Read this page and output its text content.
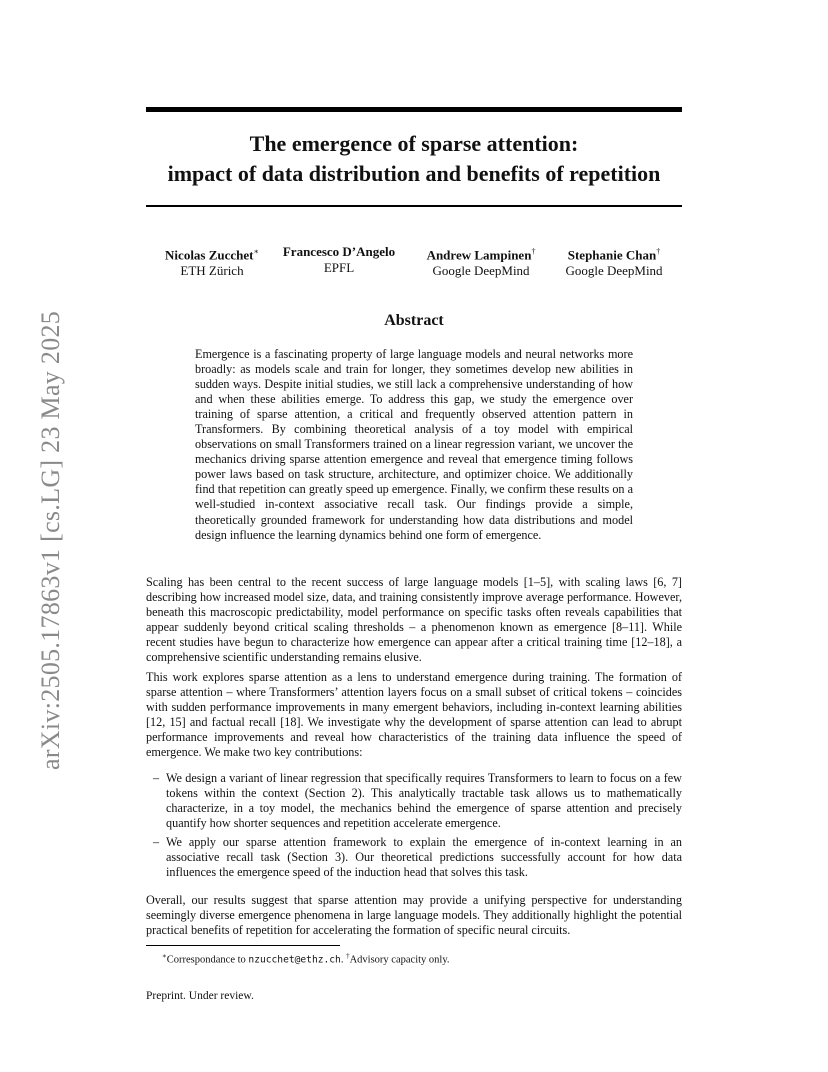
arXiv:2505.17863v1 [cs.LG] 23 May 2025
The emergence of sparse attention:
impact of data distribution and benefits of repetition
Nicolas Zucchet∗
ETH Zürich
Francesco D’Angelo
EPFL
Andrew Lampinen†
Google DeepMind
Stephanie Chan†
Google DeepMind
Abstract

Emergence is a fascinating property of large language models and neural networks more broadly: as models scale and train for longer, they sometimes develop new abilities in sudden ways. Despite initial studies, we still lack a comprehensive understanding of how and when these abilities emerge. To address this gap, we study the emergence over training of sparse attention, a critical and frequently observed attention pattern in Transformers. By combining theoretical analysis of a toy model with empirical observations on small Transformers trained on a linear regression variant, we uncover the mechanics driving sparse attention emergence and reveal that emergence timing follows power laws based on task structure, architecture, and optimizer choice. We additionally find that repetition can greatly speed up emergence. Finally, we confirm these results on a well-studied in-context associative recall task. Our findings provide a simple, theoretically grounded framework for understanding how data distributions and model design influence the learning dynamics behind one form of emergence.

Scaling has been central to the recent success of large language models [1–5], with scaling laws [6, 7] describing how increased model size, data, and training consistently improve average performance. However, beneath this macroscopic predictability, model performance on specific tasks often reveals capabilities that appear suddenly beyond critical scaling thresholds – a phenomenon known as emergence [8–11]. While recent studies have begun to characterize how emergence can appear after a critical training time [12–18], a comprehensive scientific understanding remains elusive.

This work explores sparse attention as a lens to understand emergence during training. The formation of sparse attention – where Transformers’ attention layers focus on a small subset of critical tokens – coincides with sudden performance improvements in many emergent behaviors, including in-context learning abilities [12, 15] and factual recall [18]. We investigate why the development of sparse attention can lead to abrupt performance improvements and reveal how characteristics of the training data influence the speed of emergence. We make two key contributions:

– We design a variant of linear regression that specifically requires Transformers to learn to focus on a few tokens within the context (Section 2). This analytically tractable task allows us to mathematically characterize, in a toy model, the mechanics behind the emergence of sparse attention and precisely quantify how shorter sequences and repetition accelerate emergence.
– We apply our sparse attention framework to explain the emergence of in-context learning in an associative recall task (Section 3). Our theoretical predictions successfully account for how data influences the emergence speed of the induction head that solves this task.

Overall, our results suggest that sparse attention may provide a unifying perspective for understanding seemingly diverse emergence phenomena in large language models. They additionally highlight the potential practical benefits of repetition for accelerating the formation of specific neural circuits.

∗Correspondance to nzucchet@ethz.ch. †Advisory capacity only.
Preprint. Under review.
